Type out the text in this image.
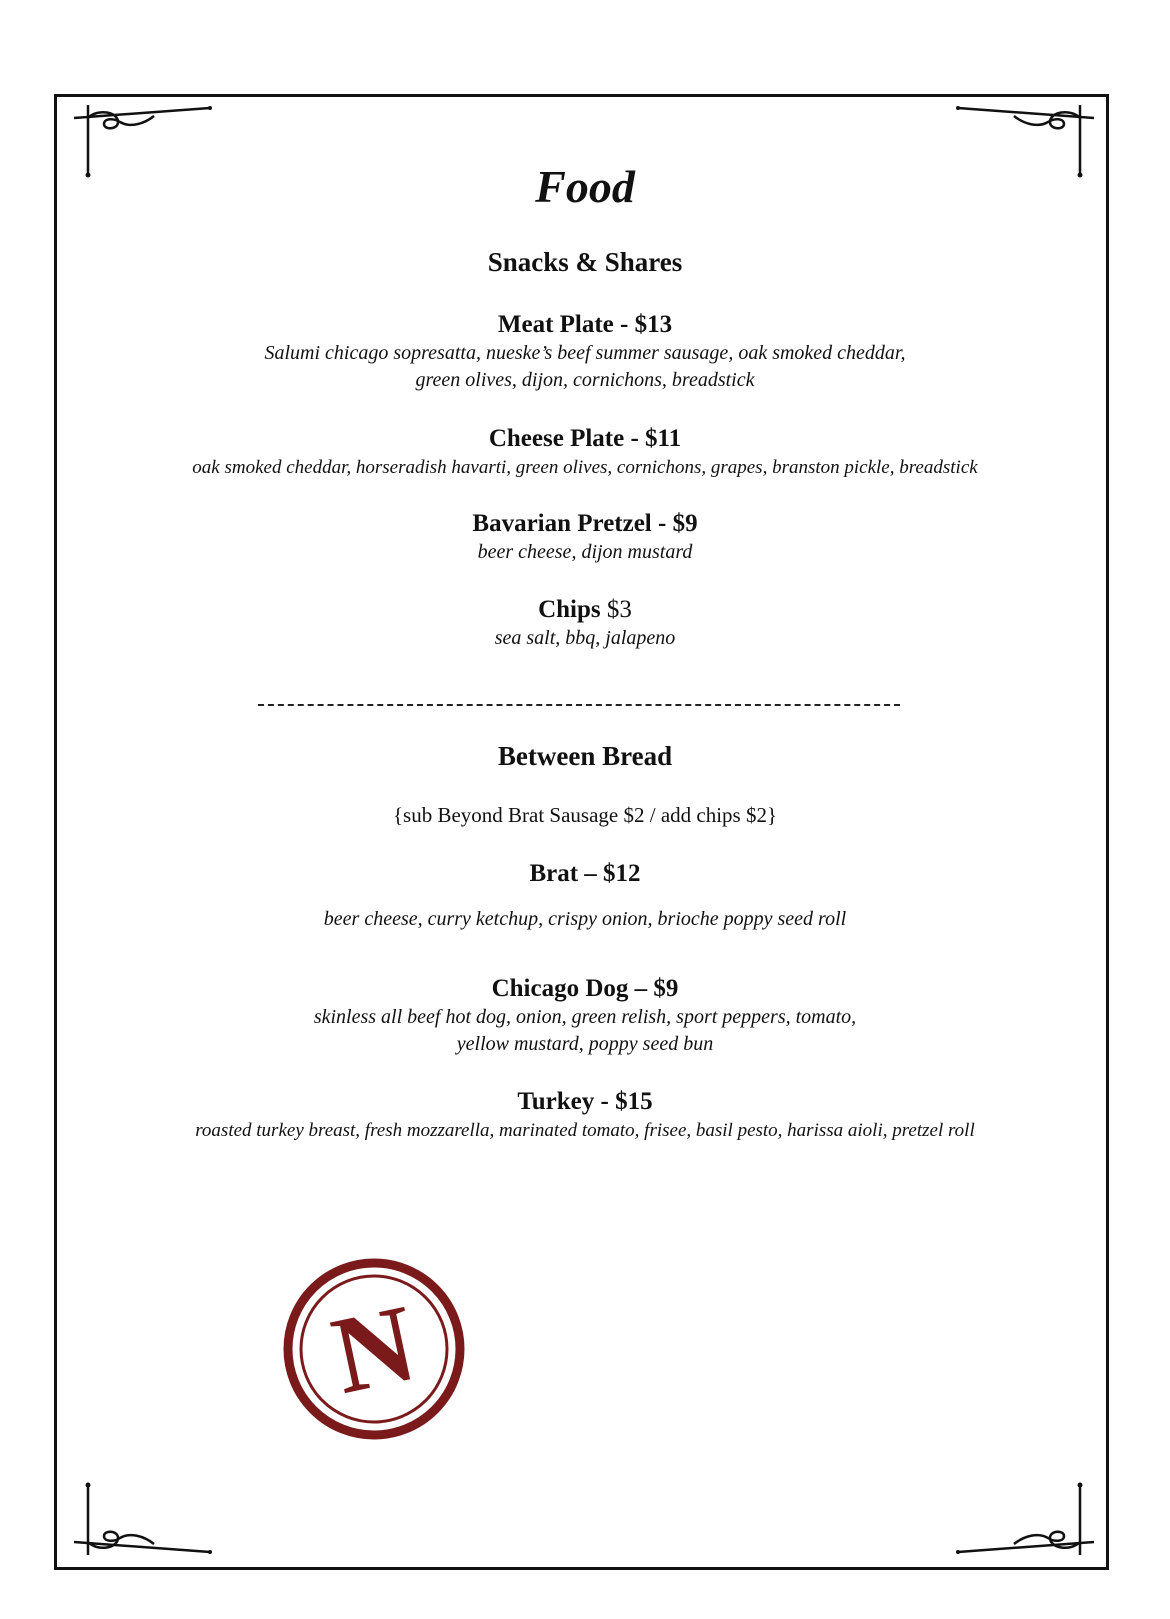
Food
Snacks & Shares
Meat Plate - $13
Salumi chicago sopresatta, nueske’s beef summer sausage, oak smoked cheddar,
green olives, dijon, cornichons, breadstick
Cheese Plate - $11
oak smoked cheddar, horseradish havarti, green olives, cornichons, grapes, branston pickle, breadstick
Bavarian Pretzel - $9
beer cheese, dijon mustard
Chips $3
sea salt, bbq, jalapeno
Between Bread
{sub Beyond Brat Sausage $2 / add chips $2}
Brat – $12
beer cheese, curry ketchup, crispy onion, brioche poppy seed roll
Chicago Dog – $9
skinless all beef hot dog, onion, green relish, sport peppers, tomato,
yellow mustard, poppy seed bun
Turkey - $15
roasted turkey breast, fresh mozzarella, marinated tomato, frisee, basil pesto, harissa aioli, pretzel roll
N
